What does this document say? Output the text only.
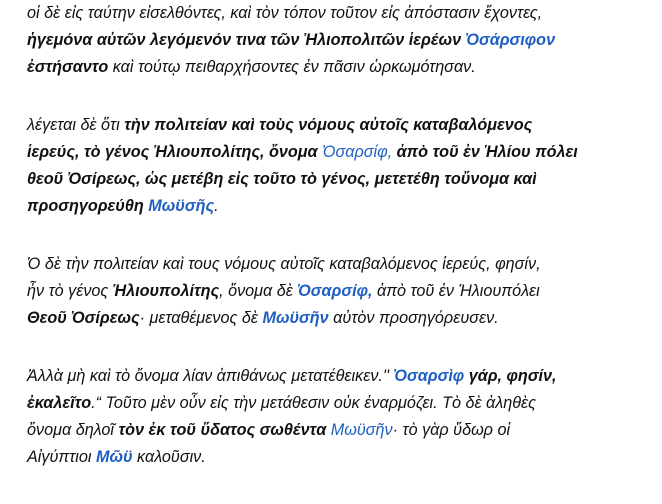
οἱ δὲ εἰς ταύτην εἰσελθόντες, καὶ τὸν τόπον τοῦτον εἰς ἀπόστασιν ἔχοντες,
ἡγεμόνα αὐτῶν λεγόμενόν τινα τῶν Ἡλιοπολιτῶν ἱερέων Ὀσάρσιφον
ἐστήσαντο καὶ τούτῳ πειθαρχήσοντες ἐν πᾶσιν ὡρκωμότησαν.
λέγεται δὲ ὅτι τὴν πολιτείαν καὶ τοὺς νόμους αὐτοῖς καταβαλόμενος
ἱερεύς, τὸ γένος Ἡλιουπολίτης, ὄνομα Ὀσαρσίφ, ἀπὸ τοῦ ἐν Ἡλίου πόλει
θεοῦ Ὀσίρεως, ὡς μετέβη εἰς τοῦτο τὸ γένος, μετετέθη τοὔνομα καὶ
προσηγορεύθη Μωϋσῆς.
Ὁ δὲ τὴν πολιτείαν καὶ τους νόμους αὐτοῖς καταβαλόμενος ἱερεύς, φησίν,
ἦν τὸ γένος Ἡλιουπολίτης, ὄνομα δὲ Ὀσαρσίφ, ἀπὸ τοῦ ἐν Ἡλιουπόλει
Θεοῦ Ὀσίρεως· μεταθέμενος δὲ Μωϋσῆν αὐτὸν προσηγόρευσεν.
Ἀλλὰ μὴ καὶ τὸ ὄνομα λίαν ἀπιθάνως μετατέθεικεν.'' Ὀσαρσὶφ γάρ, φησίν,
ἐκαλεῖτο.“ Τοῦτο μὲν οὖν εἰς τὴν μετάθεσιν οὐκ ἐναρμόζει. Τὸ δὲ ἀληθὲς
ὄνομα δηλοῖ τὸν ἐκ τοῦ ὕδατος σωθέντα Μωϋσῆν· τὸ γὰρ ὕδωρ οἱ
Αἰγύπτιοι Μῶϋ καλοῦσιν.
